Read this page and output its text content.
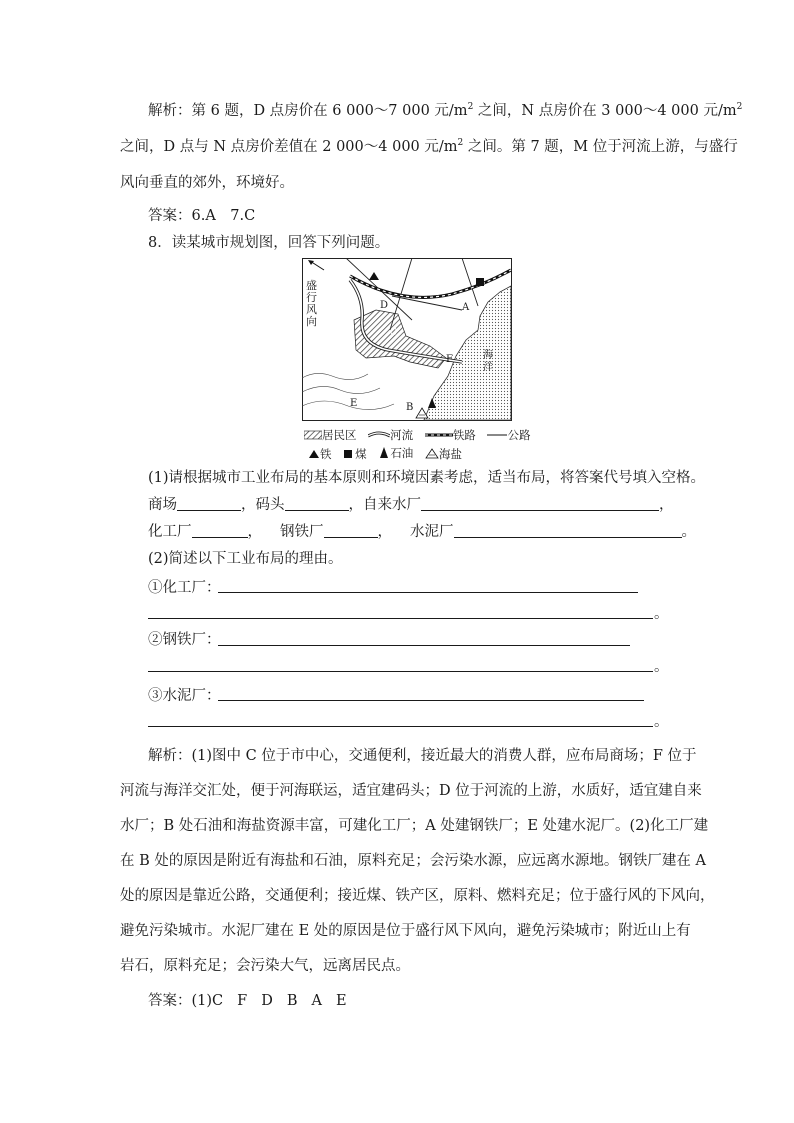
解析：第 6 题，D 点房价在 6 000～7 000 元$/m^2$ 之间，N 点房价在 3 000～4 000 元$/m^2$
之间，D 点与 N 点房价差值在 2 000～4 000 元$/m^2$ 之间。第 7 题，M 位于河流上游，与盛行
风向垂直的郊外，环境好。
答案：6.A　7.C
8．读某城市规划图，回答下列问题。
盛行风向
海洋
A
B
C
D
E
F
居民区
	河流
	铁路
	公路
铁
煤
石油
海盐
(1)请根据城市工业布局的基本原则和环境因素考虑，适当布局，将答案代号填入空格。
商场	，码头	，自来水厂	，
化工厂	， 钢铁厂	， 水泥厂	。
(2)简述以下工业布局的理由。
①化工厂：
。
②钢铁厂：
。
③水泥厂：
。
解析：(1)图中 C 位于市中心，交通便利，接近最大的消费人群，应布局商场；F 位于
河流与海洋交汇处，便于河海联运，适宜建码头；D 位于河流的上游，水质好，适宜建自来
水厂；B 处石油和海盐资源丰富，可建化工厂；A 处建钢铁厂；E 处建水泥厂。(2)化工厂建
在 B 处的原因是附近有海盐和石油，原料充足；会污染水源，应远离水源地。钢铁厂建在 A
处的原因是靠近公路，交通便利；接近煤、铁产区，原料、燃料充足；位于盛行风的下风向，
避免污染城市。水泥厂建在 E 处的原因是位于盛行风下风向，避免污染城市；附近山上有
岩石，原料充足；会污染大气，远离居民点。
答案：(1)C F D B A E
